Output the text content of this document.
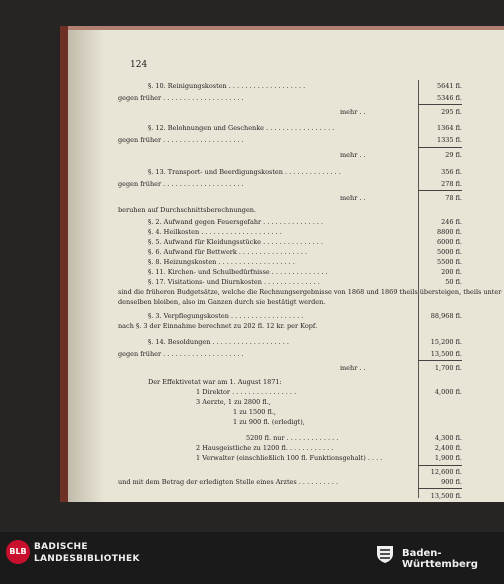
124
§. 10. Reinigungskosten . . . . . . . . . . . . . . . . . . .	5641 fl.
gegen früher . . . . . . . . . . . . . . . . . . . .	5346 fl.
mehr . .	295 fl.
§. 12. Belohnungen und Geschenke . . . . . . . . . . . . . . . . .	1364 fl.
gegen früher . . . . . . . . . . . . . . . . . . . .	1335 fl.
mehr . .	29 fl.
§. 13. Transport- und Beerdigungskosten . . . . . . . . . . . . . .	356 fl.
gegen früher . . . . . . . . . . . . . . . . . . . .	278 fl.
mehr . .	78 fl.
beruhen auf Durchschnittsberechnungen.
§. 2. Aufwand gegen Feuersgefahr . . . . . . . . . . . . . . .	246 fl.
§. 4. Heilkosten . . . . . . . . . . . . . . . . . . . .	8800 fl.
§. 5. Aufwand für Kleidungsstücke . . . . . . . . . . . . . . .	6000 fl.
§. 6. Aufwand für Bettwerk . . . . . . . . . . . . . . . . .	5000 fl.
§. 8. Heizungskosten . . . . . . . . . . . . . . . . . . .	5500 fl.
§. 11. Kirchen- und Schulbedürfnisse . . . . . . . . . . . . . .	200 fl.
§. 17. Visitations- und Diurnkosten . . . . . . . . . . . . . .	50 fl.
sind die früheren Budgetsätze, welche die Rechnungsergebnisse von 1868 und 1869 theils übersteigen, theils unter
denselben bleiben, also im Ganzen durch sie bestätigt werden.
§. 3. Verpflegungskosten . . . . . . . . . . . . . . . . . .	88,968 fl.
nach §. 3 der Einnahme berechnet zu 202 fl. 12 kr. per Kopf.
§. 14. Besoldungen . . . . . . . . . . . . . . . . . . .	15,200 fl.
gegen früher . . . . . . . . . . . . . . . . . . . .	13,500 fl.
mehr . .	1,700 fl.
Der Effektivetat war am 1. August 1871:
1 Direktor . . . . . . . . . . . . . . . .	4,000 fl.
3 Aerzte, 1 zu 2800 fl.,
1 zu 1500 fl.,
1 zu 900 fl. (erledigt),
5200 fl. nur . . . . . . . . . . . . .	4,300 fl.
2 Hausgeistliche zu 1200 fl. . . . . . . . . . . .	2,400 fl.
1 Verwalter (einschließlich 100 fl. Funktionsgehalt) . . . .	1,900 fl.
12,600 fl.
und mit dem Betrag der erledigten Stelle eines Arztes . . . . . . . . . .	900 fl.
13,500 fl.
BLB BADISCHE
LANDESBIBLIOTHEK	Baden-Württemberg
